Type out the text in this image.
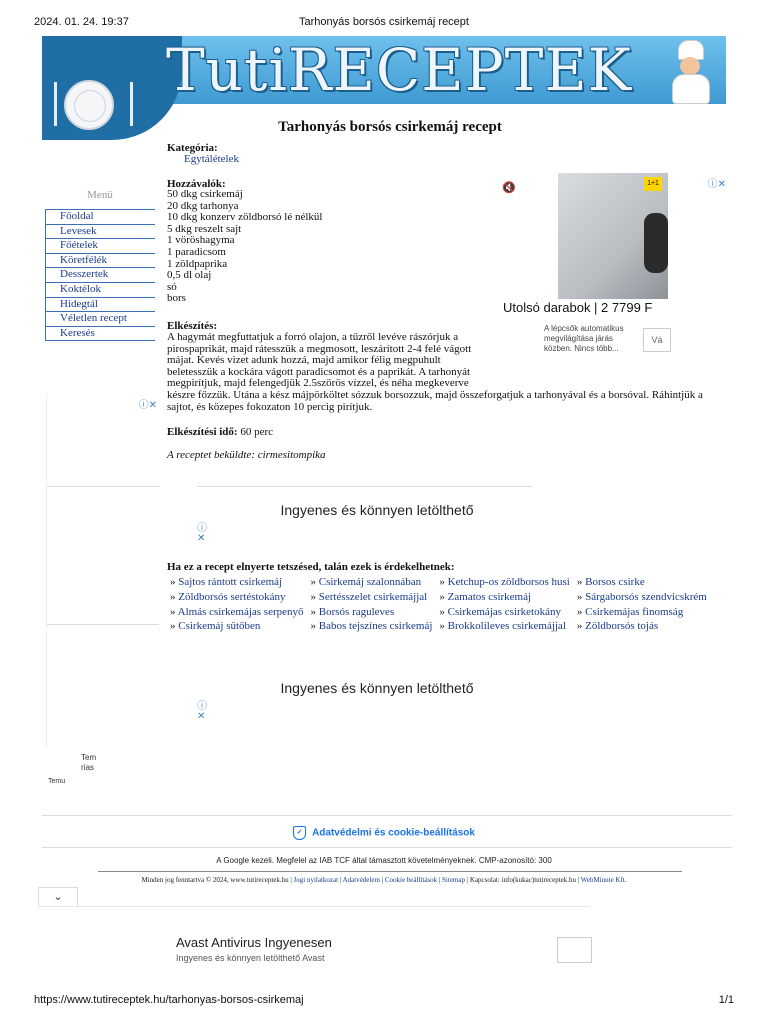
2024. 01. 24. 19:37	Tarhonyás borsós csirkemáj recept
TutiRECEPTEK
Tarhonyás borsós csirkemáj recept
Kategória:
Egytálételek
Menü
Főoldal
Levesek
Főételek
Köretfélék
Desszertek
Koktélok
Hidegtál
Véletlen recept
Keresés
Hozzávalók:
50 dkg csirkemáj
20 dkg tarhonya
10 dkg konzerv zöldborsó lé nélkül
5 dkg reszelt sajt
1 vöröshagyma
1 paradicsom
1 zöldpaprika
0,5 dl olaj
só
bors
Elkészítés:
A hagymát megfuttatjuk a forró olajon, a tűzről levéve rászórjuk a pirospaprikát, majd rátesszük a megmosott, leszárított 2-4 felé vágott májat. Kevés vizet adunk hozzá, majd amikor félig megpuhult beletesszük a kockára vágott paradicsomot és a paprikát. A tarhonyát megpirítjuk, majd felengedjük 2.5szörös vízzel, és néha megkeverve
készre főzzük. Utána a kész májpörköltet sózzuk borsozzuk, majd összeforgatjuk a tarhonyával és a borsóval. Ráhintjük a sajtot, és közepes fokozaton 10 percig pirítjuk.
Elkészítési idő: 60 perc
A receptet beküldte: cirmesitompika
🔇	1+1	ⓘ✕
Utolsó darabok | 2 7799 F
A lépcsők automatikus megvilágítása járás közben. Nincs több...
Vá
ⓘ✕
Tem
rias
Temu
Ingyenes és könnyen letölthető
ⓘ
✕
Ha ez a recept elnyerte tetszésed, talán ezek is érdekelhetnek:
» Sajtos rántott csirkemáj	» Csirkemáj szalonnában	» Ketchup-os zöldborsos husi	» Borsos csirke
» Zöldborsós sertéstokány	» Sertésszelet csirkemájjal	» Zamatos csirkemáj	» Sárgaborsós szendvicskrém
» Almás csirkemájas serpenyő	» Borsós raguleves	» Csirkemájas csirketokány	» Csirkemájas finomság
» Csirkemáj sütőben	» Babos tejszínes csirkemáj	» Brokkolileves csirkemájjal	» Zöldborsós tojás
Ingyenes és könnyen letölthető
ⓘ
✕
✓ Adatvédelmi és cookie-beállítások
A Google kezeli. Megfelel az IAB TCF által támasztott követelményeknek. CMP-azonosító: 300
Minden jog fenntartva © 2024, www.tutireceptek.hu | Jogi nyilatkozat | Adatvédelem | Cookie beállítások | Sitemap | Kapcsolat: info(kukac)tutireceptek.hu | WebMinute Kft.
⌄
Avast Antivirus Ingyenesen
Ingyenes és könnyen letölthető Avast
https://www.tutireceptek.hu/tarhonyas-borsos-csirkemaj	1/1
